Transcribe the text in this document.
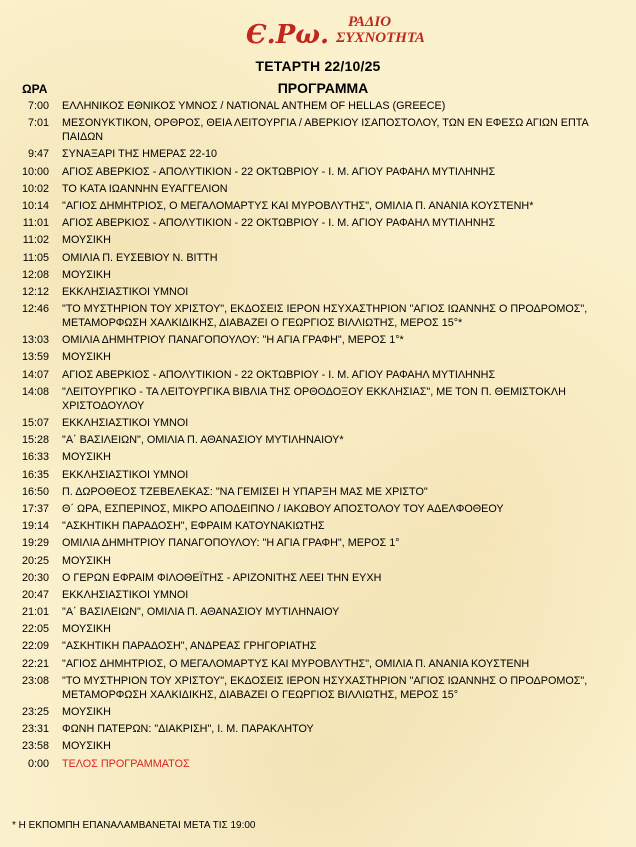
Є.Ρω.	ΡΑΔΙΟ
ΣΥΧΝΟΤΗΤΑ
ΤΕΤΑΡΤΗ 22/10/25
ΩΡΑ	ΠΡΟΓΡΑΜΜΑ
7:00	ΕΛΛΗΝΙΚΟΣ ΕΘΝΙΚΟΣ ΥΜΝΟΣ / NATIONAL ANTHEM OF HELLAS (GREECE)
7:01	ΜΕΣΟΝΥΚΤΙΚΟΝ, ΟΡΘΡΟΣ, ΘΕΙΑ ΛΕΙΤΟΥΡΓΙΑ / ΑΒΕΡΚΙΟΥ ΙΣΑΠΟΣΤΟΛΟΥ, ΤΩΝ ΕΝ ΕΦΕΣΩ ΑΓΙΩΝ ΕΠΤΑ ΠΑΙΔΩΝ
9:47	ΣΥΝΑΞΑΡΙ ΤΗΣ ΗΜΕΡΑΣ 22-10
10:00	ΑΓΙΟΣ ΑΒΕΡΚΙΟΣ - ΑΠΟΛΥΤΙΚΙΟΝ - 22 ΟΚΤΩΒΡΙΟΥ - Ι. Μ. ΑΓΙΟΥ ΡΑΦΑΗΛ ΜΥΤΙΛΗΝΗΣ
10:02	ΤΟ ΚΑΤΑ ΙΩΑΝΝΗΝ ΕΥΑΓΓΕΛΙΟΝ
10:14	"ΑΓΙΟΣ ΔΗΜΗΤΡΙΟΣ, Ο ΜΕΓΑΛΟΜΑΡΤΥΣ ΚΑΙ ΜΥΡΟΒΛΥΤΗΣ", ΟΜΙΛΙΑ Π. ΑΝΑΝΙΑ ΚΟΥΣΤΕΝΗ*
11:01	ΑΓΙΟΣ ΑΒΕΡΚΙΟΣ - ΑΠΟΛΥΤΙΚΙΟΝ - 22 ΟΚΤΩΒΡΙΟΥ - Ι. Μ. ΑΓΙΟΥ ΡΑΦΑΗΛ ΜΥΤΙΛΗΝΗΣ
11:02	ΜΟΥΣΙΚΗ
11:05	ΟΜΙΛΙΑ Π. ΕΥΣΕΒΙΟΥ Ν. ΒΙΤΤΗ
12:08	ΜΟΥΣΙΚΗ
12:12	ΕΚΚΛΗΣΙΑΣΤΙΚΟΙ ΥΜΝΟΙ
12:46	"ΤΟ ΜΥΣΤΗΡΙΟΝ ΤΟΥ ΧΡΙΣΤΟΥ", ΕΚΔΟΣΕΙΣ ΙΕΡΟΝ ΗΣΥΧΑΣΤΗΡΙΟΝ "ΑΓΙΟΣ ΙΩΑΝΝΗΣ Ο ΠΡΟΔΡΟΜΟΣ", ΜΕΤΑΜΟΡΦΩΣΗ ΧΑΛΚΙΔΙΚΗΣ, ΔΙΑΒΑΖΕΙ Ο ΓΕΩΡΓΙΟΣ ΒΙΛΛΙΩΤΗΣ, ΜΕΡΟΣ 15°*
13:03	ΟΜΙΛΙΑ ΔΗΜΗΤΡΙΟΥ ΠΑΝΑΓΟΠΟΥΛΟΥ: "Η ΑΓΙΑ ΓΡΑΦΗ", ΜΕΡΟΣ 1°*
13:59	ΜΟΥΣΙΚΗ
14:07	ΑΓΙΟΣ ΑΒΕΡΚΙΟΣ - ΑΠΟΛΥΤΙΚΙΟΝ - 22 ΟΚΤΩΒΡΙΟΥ - Ι. Μ. ΑΓΙΟΥ ΡΑΦΑΗΛ ΜΥΤΙΛΗΝΗΣ
14:08	"ΛΕΙΤΟΥΡΓΙΚΟ - ΤΑ ΛΕΙΤΟΥΡΓΙΚΑ ΒΙΒΛΙΑ ΤΗΣ ΟΡΘΟΔΟΞΟΥ ΕΚΚΛΗΣΙΑΣ", ΜΕ ΤΟΝ Π. ΘΕΜΙΣΤΟΚΛΗ ΧΡΙΣΤΟΔΟΥΛΟΥ
15:07	ΕΚΚΛΗΣΙΑΣΤΙΚΟΙ ΥΜΝΟΙ
15:28	"Α΄ ΒΑΣΙΛΕΙΩΝ", ΟΜΙΛΙΑ Π. ΑΘΑΝΑΣΙΟΥ ΜΥΤΙΛΗΝΑΙΟΥ*
16:33	ΜΟΥΣΙΚΗ
16:35	ΕΚΚΛΗΣΙΑΣΤΙΚΟΙ ΥΜΝΟΙ
16:50	Π. ΔΩΡΟΘΕΟΣ ΤΖΕΒΕΛΕΚΑΣ: "ΝΑ ΓΕΜΙΣΕΙ Η ΥΠΑΡΞΗ ΜΑΣ ΜΕ ΧΡΙΣΤΟ"
17:37	Θ΄ ΩΡΑ, ΕΣΠΕΡΙΝΟΣ, ΜΙΚΡΟ ΑΠΟΔΕΙΠΝΟ / ΙΑΚΩΒΟΥ ΑΠΟΣΤΟΛΟΥ ΤΟΥ ΑΔΕΛΦΟΘΕΟΥ
19:14	"ΑΣΚΗΤΙΚΗ ΠΑΡΑΔΟΣΗ", ΕΦΡΑΙΜ ΚΑΤΟΥΝΑΚΙΩΤΗΣ
19:29	ΟΜΙΛΙΑ ΔΗΜΗΤΡΙΟΥ ΠΑΝΑΓΟΠΟΥΛΟΥ: "Η ΑΓΙΑ ΓΡΑΦΗ", ΜΕΡΟΣ 1°
20:25	ΜΟΥΣΙΚΗ
20:30	Ο ΓΕΡΩΝ ΕΦΡΑΙΜ ΦΙΛΟΘΕΪΤΗΣ - ΑΡΙΖΟΝΙΤΗΣ ΛΕΕΙ ΤΗΝ ΕΥΧΗ
20:47	ΕΚΚΛΗΣΙΑΣΤΙΚΟΙ ΥΜΝΟΙ
21:01	"Α΄ ΒΑΣΙΛΕΙΩΝ", ΟΜΙΛΙΑ Π. ΑΘΑΝΑΣΙΟΥ ΜΥΤΙΛΗΝΑΙΟΥ
22:05	ΜΟΥΣΙΚΗ
22:09	"ΑΣΚΗΤΙΚΗ ΠΑΡΑΔΟΣΗ", ΑΝΔΡΕΑΣ ΓΡΗΓΟΡΙΑΤΗΣ
22:21	"ΑΓΙΟΣ ΔΗΜΗΤΡΙΟΣ, Ο ΜΕΓΑΛΟΜΑΡΤΥΣ ΚΑΙ ΜΥΡΟΒΛΥΤΗΣ", ΟΜΙΛΙΑ Π. ΑΝΑΝΙΑ ΚΟΥΣΤΕΝΗ
23:08	"ΤΟ ΜΥΣΤΗΡΙΟΝ ΤΟΥ ΧΡΙΣΤΟΥ", ΕΚΔΟΣΕΙΣ ΙΕΡΟΝ ΗΣΥΧΑΣΤΗΡΙΟΝ "ΑΓΙΟΣ ΙΩΑΝΝΗΣ Ο ΠΡΟΔΡΟΜΟΣ", ΜΕΤΑΜΟΡΦΩΣΗ ΧΑΛΚΙΔΙΚΗΣ, ΔΙΑΒΑΖΕΙ Ο ΓΕΩΡΓΙΟΣ ΒΙΛΛΙΩΤΗΣ, ΜΕΡΟΣ 15°
23:25	ΜΟΥΣΙΚΗ
23:31	ΦΩΝΗ ΠΑΤΕΡΩΝ: "ΔΙΑΚΡΙΣΗ", Ι. Μ. ΠΑΡΑΚΛΗΤΟΥ
23:58	ΜΟΥΣΙΚΗ
0:00	ΤΕΛΟΣ ΠΡΟΓΡΑΜΜΑΤΟΣ
* Η ΕΚΠΟΜΠΗ ΕΠΑΝΑΛΑΜΒΑΝΕΤΑΙ ΜΕΤΑ ΤΙΣ 19:00
